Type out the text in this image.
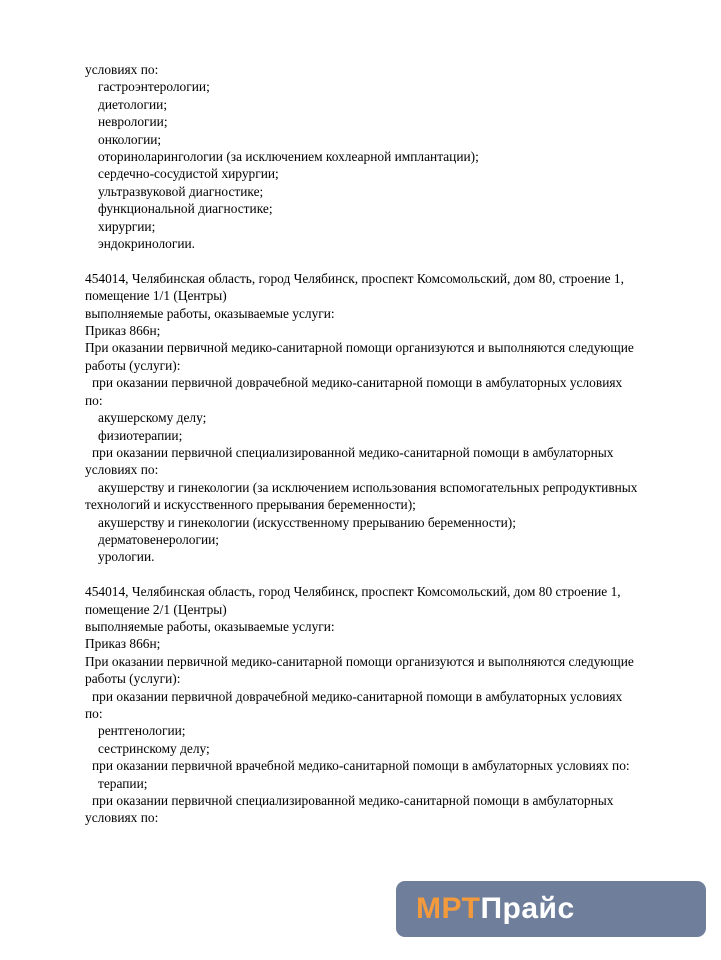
условиях по:
гастроэнтерологии;
диетологии;
неврологии;
онкологии;
оториноларингологии (за исключением кохлеарной имплантации);
сердечно-сосудистой хирургии;
ультразвуковой диагностике;
функциональной диагностике;
хирургии;
эндокринологии.
454014, Челябинская область, город Челябинск, проспект Комсомольский, дом 80, строение 1,
помещение 1/1 (Центры)
выполняемые работы, оказываемые услуги:
Приказ 866н;
При оказании первичной медико-санитарной помощи организуются и выполняются следующие
работы (услуги):
при оказании первичной доврачебной медико-санитарной помощи в амбулаторных условиях
по:
акушерскому делу;
физиотерапии;
при оказании первичной специализированной медико-санитарной помощи в амбулаторных
условиях по:
акушерству и гинекологии (за исключением использования вспомогательных репродуктивных
технологий и искусственного прерывания беременности);
акушерству и гинекологии (искусственному прерыванию беременности);
дерматовенерологии;
урологии.
454014, Челябинская область, город Челябинск, проспект Комсомольский, дом 80 строение 1,
помещение 2/1 (Центры)
выполняемые работы, оказываемые услуги:
Приказ 866н;
При оказании первичной медико-санитарной помощи организуются и выполняются следующие
работы (услуги):
при оказании первичной доврачебной медико-санитарной помощи в амбулаторных условиях
по:
рентгенологии;
сестринскому делу;
при оказании первичной врачебной медико-санитарной помощи в амбулаторных условиях по:
терапии;
при оказании первичной специализированной медико-санитарной помощи в амбулаторных
условиях по:
МРТПрайс
